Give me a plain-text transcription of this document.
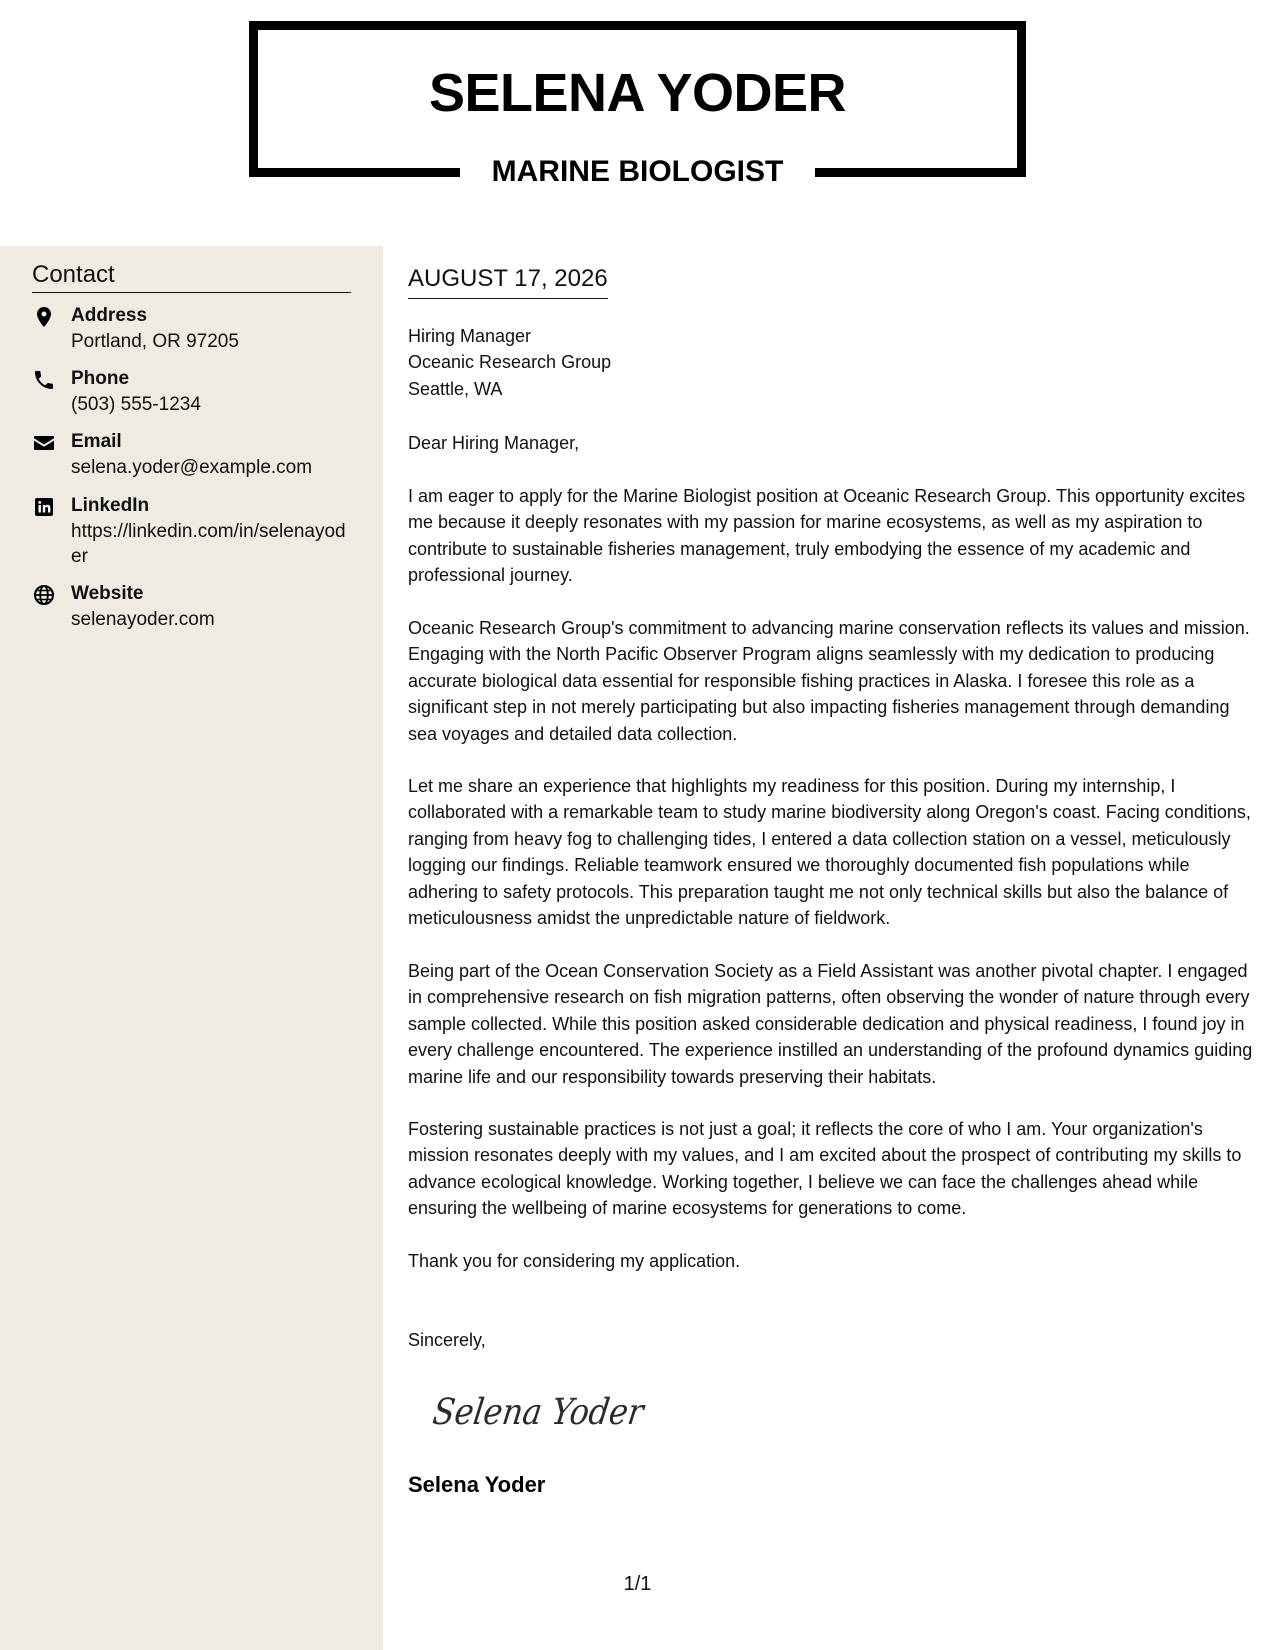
SELENA YODER
MARINE BIOLOGIST
Contact
Address
Portland, OR 97205
Phone
(503) 555-1234
Email
selena.yoder@example.com
LinkedIn
https://linkedin.com/in/selenayoder
Website
selenayoder.com
AUGUST 17, 2026
Hiring Manager
Oceanic Research Group
Seattle, WA
Dear Hiring Manager,
I am eager to apply for the Marine Biologist position at Oceanic Research Group. This opportunity excites me because it deeply resonates with my passion for marine ecosystems, as well as my aspiration to contribute to sustainable fisheries management, truly embodying the essence of my academic and professional journey.
Oceanic Research Group's commitment to advancing marine conservation reflects its values and mission. Engaging with the North Pacific Observer Program aligns seamlessly with my dedication to producing accurate biological data essential for responsible fishing practices in Alaska. I foresee this role as a significant step in not merely participating but also impacting fisheries management through demanding sea voyages and detailed data collection.
Let me share an experience that highlights my readiness for this position. During my internship, I collaborated with a remarkable team to study marine biodiversity along Oregon's coast. Facing conditions, ranging from heavy fog to challenging tides, I entered a data collection station on a vessel, meticulously logging our findings. Reliable teamwork ensured we thoroughly documented fish populations while adhering to safety protocols. This preparation taught me not only technical skills but also the balance of meticulousness amidst the unpredictable nature of fieldwork.
Being part of the Ocean Conservation Society as a Field Assistant was another pivotal chapter. I engaged in comprehensive research on fish migration patterns, often observing the wonder of nature through every sample collected. While this position asked considerable dedication and physical readiness, I found joy in every challenge encountered. The experience instilled an understanding of the profound dynamics guiding marine life and our responsibility towards preserving their habitats.
Fostering sustainable practices is not just a goal; it reflects the core of who I am. Your organization's mission resonates deeply with my values, and I am excited about the prospect of contributing my skills to advance ecological knowledge. Working together, I believe we can face the challenges ahead while ensuring the wellbeing of marine ecosystems for generations to come.
Thank you for considering my application.
Sincerely,
Selena Yoder
Selena Yoder
1/1
